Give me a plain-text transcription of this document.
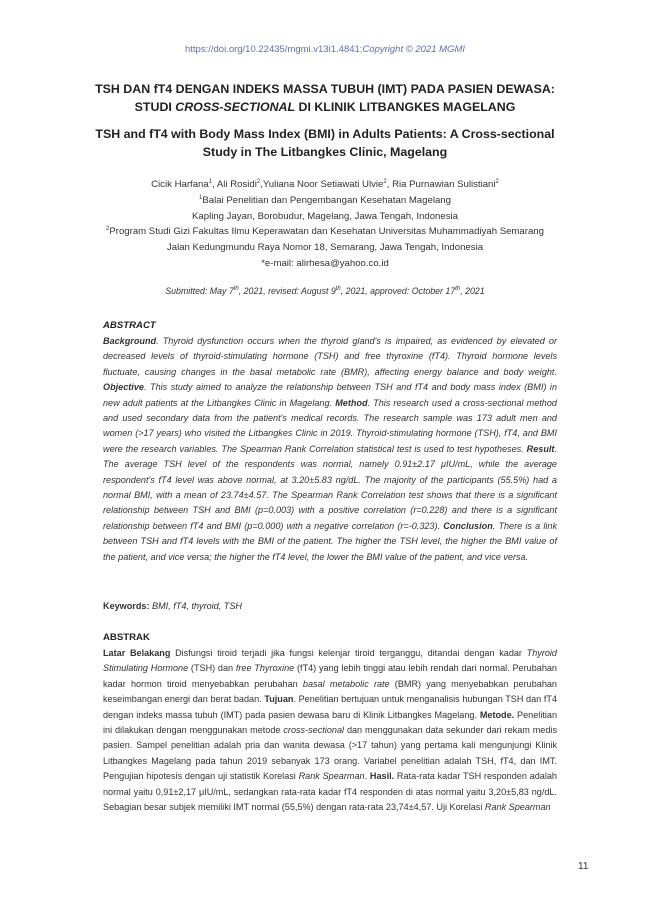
https://doi.org/10.22435/mgmi.v13i1.4841;Copyright © 2021 MGMI
TSH DAN fT4 DENGAN INDEKS MASSA TUBUH (IMT) PADA PASIEN DEWASA:
STUDI CROSS-SECTIONAL DI KLINIK LITBANGKES MAGELANG
TSH and fT4 with Body Mass Index (BMI) in Adults Patients: A Cross-sectional
Study in The Litbangkes Clinic, Magelang
Cicik Harfana$^1$, Ali Rosidi$^2$,Yuliana Noor Setiawati Ulvie$^2$, Ria Purnawian Sulistiani$^2$
$^1$Balai Penelitian dan Pengembangan Kesehatan Magelang
Kapling Jayan, Borobudur, Magelang, Jawa Tengah, Indonesia
$^2$Program Studi Gizi Fakultas Ilmu Keperawatan dan Kesehatan Universitas Muhammadiyah Semarang
Jalan Kedungmundu Raya Nomor 18, Semarang, Jawa Tengah, Indonesia
*e-mail: alirhesa@yahoo.co.id
Submitted: May 7th, 2021, revised: August 9th, 2021, approved: October 17th, 2021
ABSTRACT
Background. Thyroid dysfunction occurs when the thyroid gland's is impaired, as evidenced by elevated or decreased levels of thyroid-stimulating hormone (TSH) and free thyroxine (fT4). Thyroid hormone levels fluctuate, causing changes in the basal metabolic rate (BMR), affecting energy balance and body weight. Objective. This study aimed to analyze the relationship between TSH and fT4 and body mass index (BMI) in new adult patients at the Litbangkes Clinic in Magelang. Method. This research used a cross-sectional method and used secondary data from the patient's medical records. The research sample was 173 adult men and women (>17 years) who visited the Litbangkes Clinic in 2019. Thyroid-stimulating hormone (TSH), fT4, and BMI were the research variables. The Spearman Rank Correlation statistical test is used to test hypotheses. Result. The average TSH level of the respondents was normal, namely 0.91±2.17 μIU/mL, while the average respondent's fT4 level was above normal, at 3.20±5.83 ng/dL. The majority of the participants (55.5%) had a normal BMI, with a mean of 23.74±4.57. The Spearman Rank Correlation test shows that there is a significant relationship between TSH and BMI (p=0.003) with a positive correlation (r=0.228) and there is a significant relationship between fT4 and BMI (p=0.000) with a negative correlation (r=-0.323). Conclusion. There is a link between TSH and fT4 levels with the BMI of the patient. The higher the TSH level, the higher the BMI value of the patient, and vice versa; the higher the fT4 level, the lower the BMI value of the patient, and vice versa.
Keywords: BMI, fT4, thyroid, TSH
ABSTRAK
Latar Belakang Disfungsi tiroid terjadi jika fungsi kelenjar tiroid terganggu, ditandai dengan kadar Thyroid Stimulating Hormone (TSH) dan free Thyroxine (fT4) yang lebih tinggi atau lebih rendah dari normal. Perubahan kadar hormon tiroid menyebabkan perubahan basal metabolic rate (BMR) yang menyebabkan perubahan keseimbangan energi dan berat badan. Tujuan. Penelitian bertujuan untuk menganalisis hubungan TSH dan fT4 dengan indeks massa tubuh (IMT) pada pasien dewasa baru di Klinik Litbangkes Magelang. Metode. Penelitian ini dilakukan dengan menggunakan metode cross-sectional dan menggunakan data sekunder dari rekam medis pasien. Sampel penelitian adalah pria dan wanita dewasa (>17 tahun) yang pertama kali mengunjungi Klinik Litbangkes Magelang pada tahun 2019 sebanyak 173 orang. Variabel penelitian adalah TSH, fT4, dan IMT. Pengujian hipotesis dengan uji statistik Korelasi Rank Spearman. Hasil. Rata-rata kadar TSH responden adalah normal yaitu 0,91±2,17 μIU/mL, sedangkan rata-rata kadar fT4 responden di atas normal yaitu 3,20±5,83 ng/dL. Sebagian besar subjek memiliki IMT normal (55,5%) dengan rata-rata 23,74±4,57. Uji Korelasi Rank Spearman
11
